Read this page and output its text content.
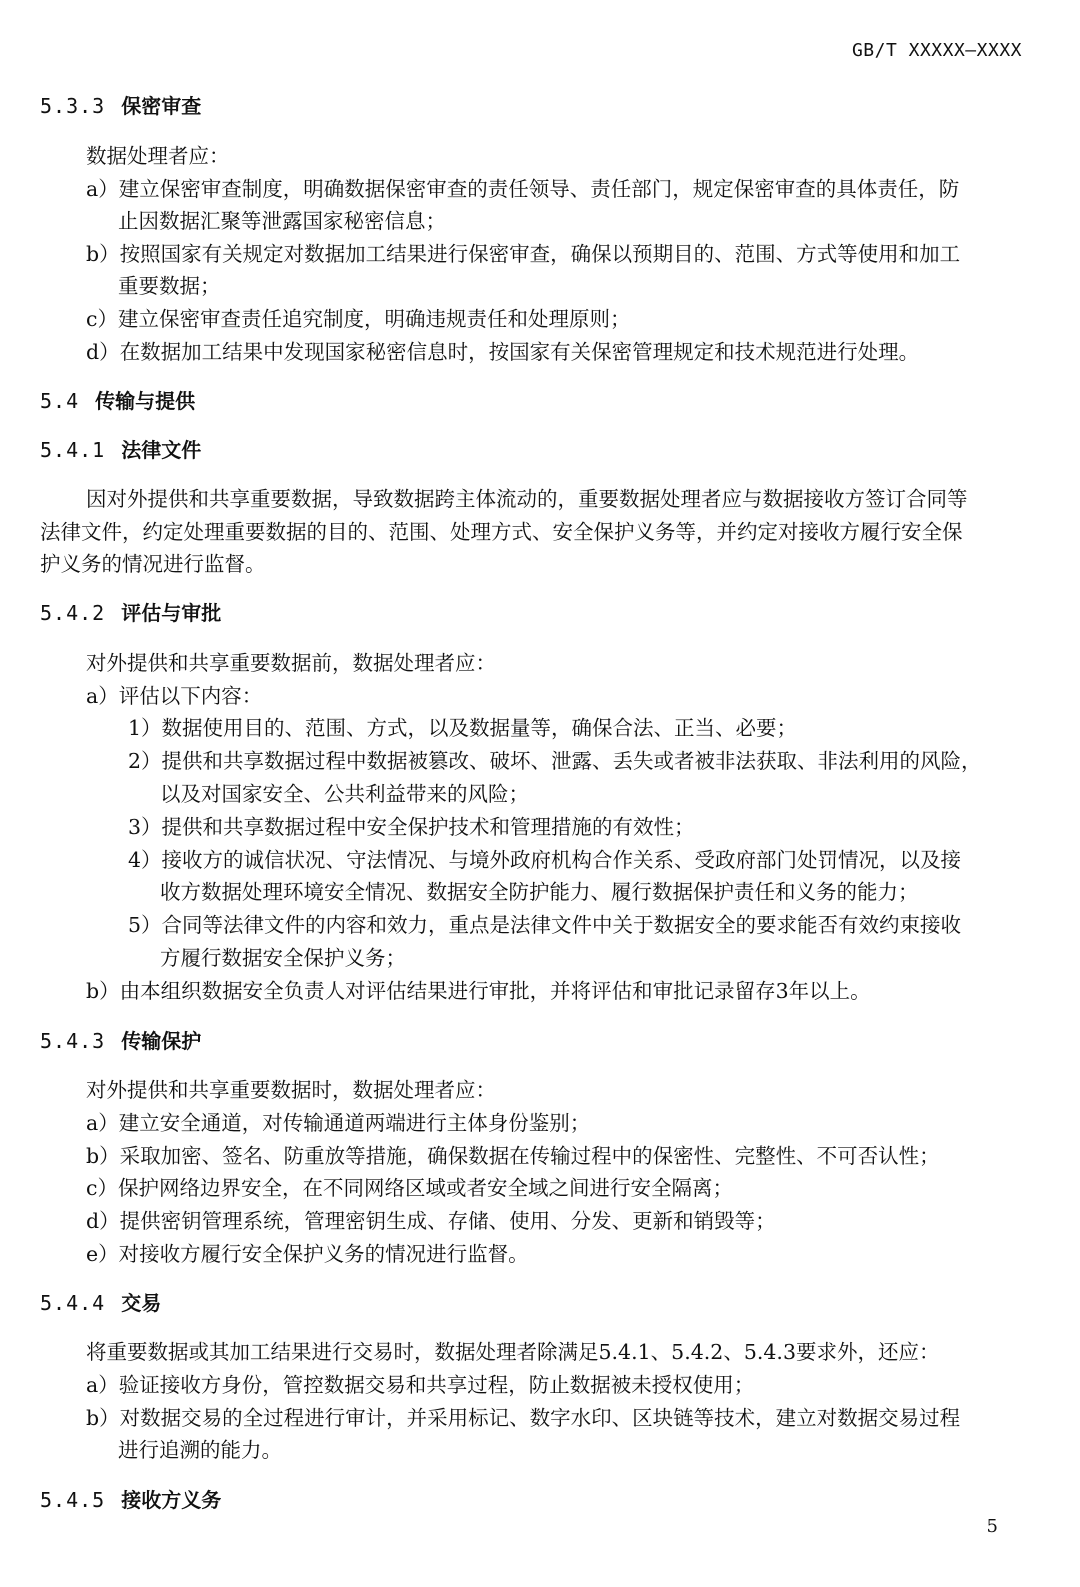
GB/T XXXXX—XXXX
5.3.3 保密审查
数据处理者应：
a）建立保密审查制度，明确数据保密审查的责任领导、责任部门，规定保密审查的具体责任，防
止因数据汇聚等泄露国家秘密信息；
b）按照国家有关规定对数据加工结果进行保密审查，确保以预期目的、范围、方式等使用和加工
重要数据；
c）建立保密审查责任追究制度，明确违规责任和处理原则；
d）在数据加工结果中发现国家秘密信息时，按国家有关保密管理规定和技术规范进行处理。
5.4 传输与提供
5.4.1 法律文件
因对外提供和共享重要数据，导致数据跨主体流动的，重要数据处理者应与数据接收方签订合同等
法律文件，约定处理重要数据的目的、范围、处理方式、安全保护义务等，并约定对接收方履行安全保
护义务的情况进行监督。
5.4.2 评估与审批
对外提供和共享重要数据前，数据处理者应：
a）评估以下内容：
1）数据使用目的、范围、方式，以及数据量等，确保合法、正当、必要；
2）提供和共享数据过程中数据被篡改、破坏、泄露、丢失或者被非法获取、非法利用的风险，
以及对国家安全、公共利益带来的风险；
3）提供和共享数据过程中安全保护技术和管理措施的有效性；
4）接收方的诚信状况、守法情况、与境外政府机构合作关系、受政府部门处罚情况，以及接
收方数据处理环境安全情况、数据安全防护能力、履行数据保护责任和义务的能力；
5）合同等法律文件的内容和效力，重点是法律文件中关于数据安全的要求能否有效约束接收
方履行数据安全保护义务；
b）由本组织数据安全负责人对评估结果进行审批，并将评估和审批记录留存3年以上。
5.4.3 传输保护
对外提供和共享重要数据时，数据处理者应：
a）建立安全通道，对传输通道两端进行主体身份鉴别；
b）采取加密、签名、防重放等措施，确保数据在传输过程中的保密性、完整性、不可否认性；
c）保护网络边界安全，在不同网络区域或者安全域之间进行安全隔离；
d）提供密钥管理系统，管理密钥生成、存储、使用、分发、更新和销毁等；
e）对接收方履行安全保护义务的情况进行监督。
5.4.4 交易
将重要数据或其加工结果进行交易时，数据处理者除满足5.4.1、5.4.2、5.4.3要求外，还应：
a）验证接收方身份，管控数据交易和共享过程，防止数据被未授权使用；
b）对数据交易的全过程进行审计，并采用标记、数字水印、区块链等技术，建立对数据交易过程
进行追溯的能力。
5.4.5 接收方义务
5
